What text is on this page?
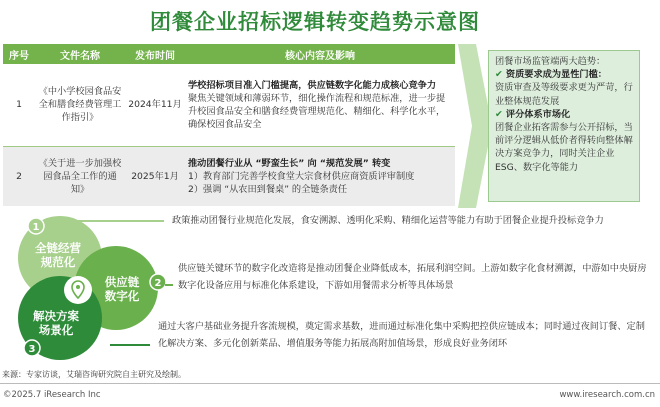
团餐企业招标逻辑转变趋势示意图
序号	文件名称	发布时间	核心内容及影响
1	《中小学校园食品安全和膳食经费管理工作指引》	2024年11月	学校招标项目准入门槛提高，供应链数字化能力成核心竞争力
聚焦关键领域和薄弱环节，细化操作流程和规范标准，进一步提升校园食品安全和膳食经费管理规范化、精细化、科学化水平，确保校园食品安全

2	《关于进一步加强校园食品全工作的通知》	2025年1月	推动团餐行业从 “野蛮生长” 向 “规范发展” 转变
1）教育部门完善学校食堂大宗食材供应商资质评审制度
2）强调 “从农田到餐桌” 的全链条责任
团餐市场监管端两大趋势：
✔ 资质要求成为显性门槛：
资质审查及等级要求更为严苛，行业整体规范发展
✔ 评分体系市场化
团餐企业拓客需参与公开招标，当前评分逻辑从低价者得转向整体解决方案竞争力，同时关注企业ESG、数字化等能力
全链经营
规范化
供应链
数字化
解决方案
场景化
1
2
3
政策推动团餐行业规范化发展，食安溯源、透明化采购、精细化运营等能力有助于团餐企业提升投标竞争力
供应链关键环节的数字化改造将是推动团餐企业降低成本，拓展利润空间。上游如数字化食材溯源，中游如中央厨房数字化设备应用与标准化体系建设，下游如用餐需求分析等具体场景
通过大客户基础业务提升客流规模，奠定需求基数，进而通过标准化集中采购把控供应链成本；同时通过夜间订餐、定制化解决方案、多元化创新菜品、增值服务等能力拓展高附加值场景，形成良好业务闭环
来源：专家访谈，艾瑞咨询研究院自主研究及绘制。
©2025.7 iResearch Inc	www.iresearch.com.cn
